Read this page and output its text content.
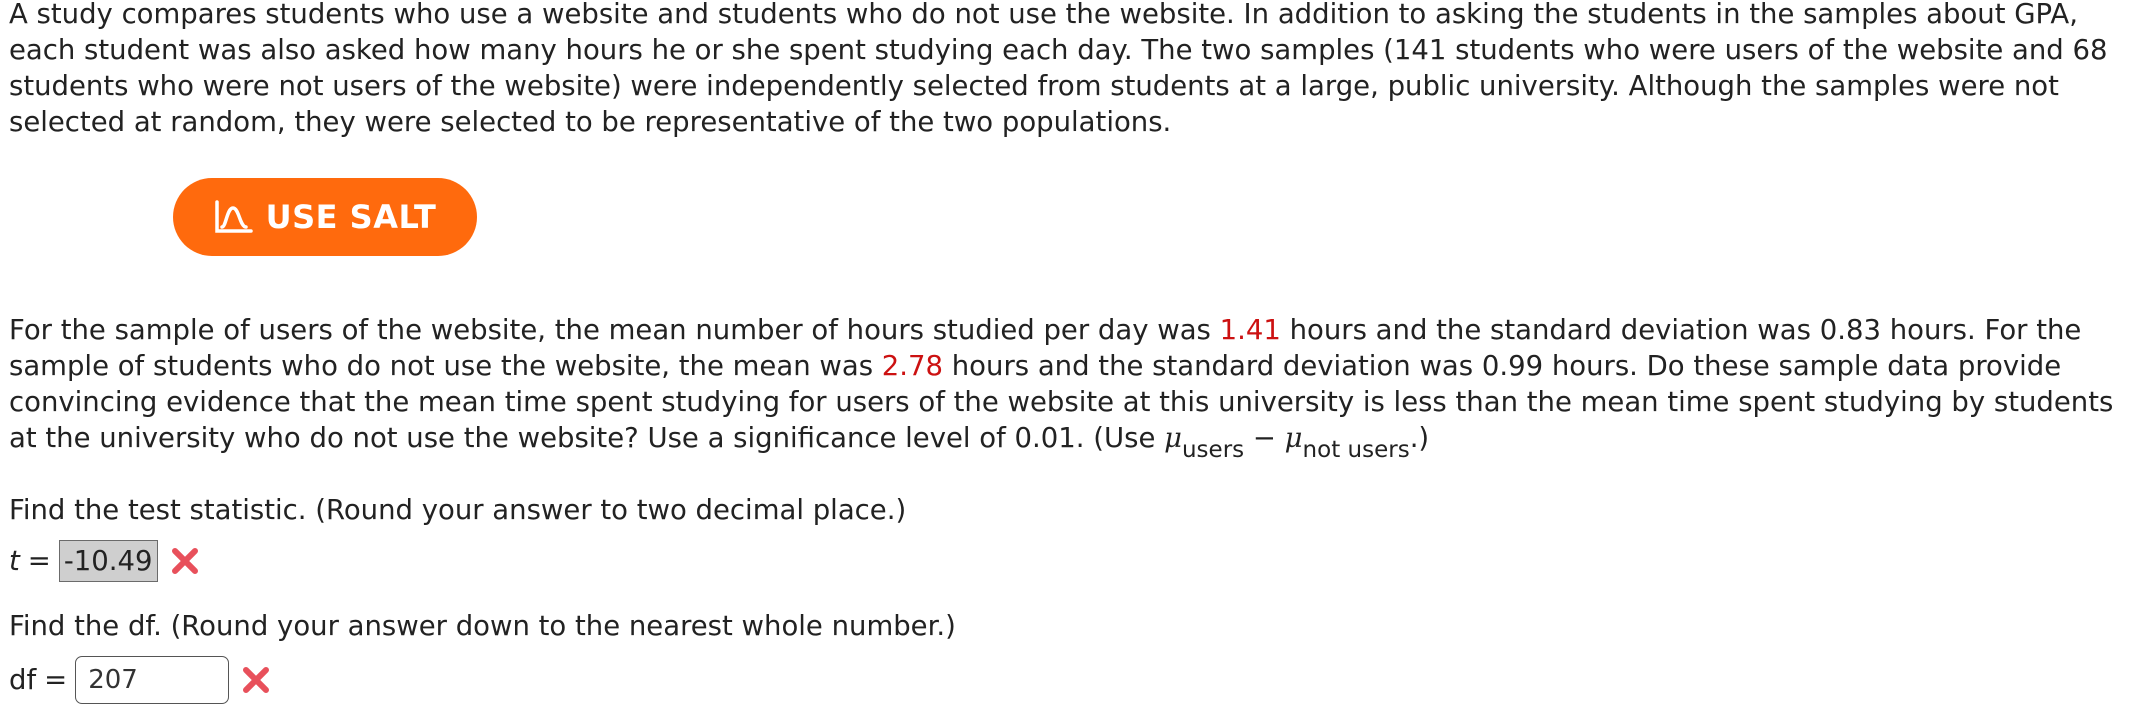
A study compares students who use a website and students who do not use the website. In addition to asking the students in the samples about GPA, each student was also asked how many hours he or she spent studying each day. The two samples (141 students who were users of the website and 68 students who were not users of the website) were independently selected from students at a large, public university. Although the samples were not selected at random, they were selected to be representative of the two populations.

USE SALT

For the sample of users of the website, the mean number of hours studied per day was 1.41 hours and the standard deviation was 0.83 hours. For the sample of students who do not use the website, the mean was 2.78 hours and the standard deviation was 0.99 hours. Do these sample data provide convincing evidence that the mean time spent studying for users of the website at this university is less than the mean time spent studying by students at the university who do not use the website? Use a significance level of 0.01. (Use $\mu_{users} - \mu_{not users}$.)

Find the test statistic. (Round your answer to two decimal place.)
t = -10.49
Find the df. (Round your answer down to the nearest whole number.)
df = 207
